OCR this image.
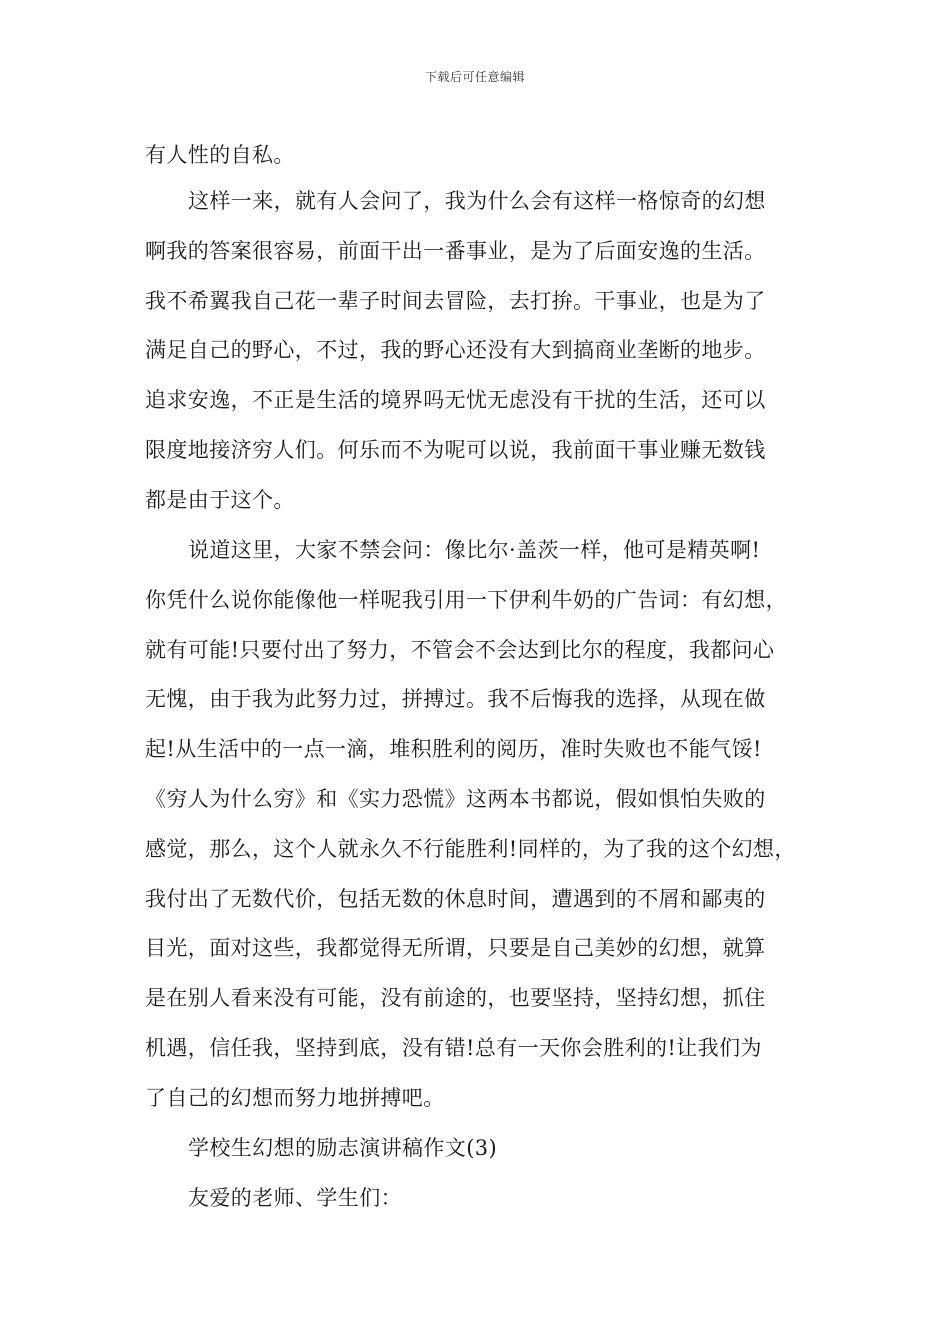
下载后可任意编辑
有人性的自私。
这样一来，就有人会问了，我为什么会有这样一格惊奇的幻想
啊我的答案很容易，前面干出一番事业，是为了后面安逸的生活。
我不希翼我自己花一辈子时间去冒险，去打拚。干事业，也是为了
满足自己的野心，不过，我的野心还没有大到搞商业垄断的地步。
追求安逸，不正是生活的境界吗无忧无虑没有干扰的生活，还可以
限度地接济穷人们。何乐而不为呢可以说，我前面干事业赚无数钱
都是由于这个。
说道这里，大家不禁会问：像比尔·盖茨一样，他可是精英啊!
你凭什么说你能像他一样呢我引用一下伊利牛奶的广告词：有幻想，
就有可能!只要付出了努力，不管会不会达到比尔的程度，我都问心
无愧，由于我为此努力过，拼搏过。我不后悔我的选择，从现在做
起!从生活中的一点一滴，堆积胜利的阅历，准时失败也不能气馁!
《穷人为什么穷》和《实力恐慌》这两本书都说，假如惧怕失败的
感觉，那么，这个人就永久不行能胜利!同样的，为了我的这个幻想，
我付出了无数代价，包括无数的休息时间，遭遇到的不屑和鄙夷的
目光，面对这些，我都觉得无所谓，只要是自己美妙的幻想，就算
是在别人看来没有可能，没有前途的，也要坚持，坚持幻想，抓住
机遇，信任我，坚持到底，没有错!总有一天你会胜利的!让我们为
了自己的幻想而努力地拼搏吧。
学校生幻想的励志演讲稿作文(3)
友爱的老师、学生们：
